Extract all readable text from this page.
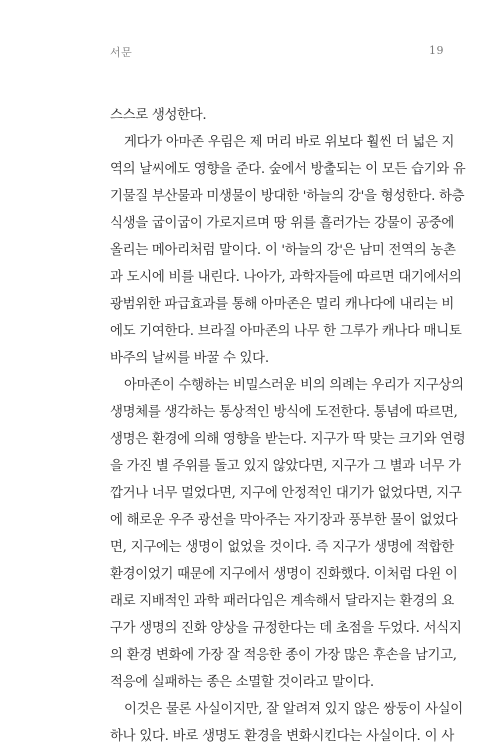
서문	19
스스로 생성한다.
게다가 아마존 우림은 제 머리 바로 위보다 훨씬 더 넓은 지
역의 날씨에도 영향을 준다. 숲에서 방출되는 이 모든 습기와 유
기물질 부산물과 미생물이 방대한 '하늘의 강'을 형성한다. 하층
식생을 굽이굽이 가로지르며 땅 위를 흘러가는 강물이 공중에
올리는 메아리처럼 말이다. 이 '하늘의 강'은 남미 전역의 농촌
과 도시에 비를 내린다. 나아가, 과학자들에 따르면 대기에서의
광범위한 파급효과를 통해 아마존은 멀리 캐나다에 내리는 비
에도 기여한다. 브라질 아마존의 나무 한 그루가 캐나다 매니토
바주의 날씨를 바꿀 수 있다.
아마존이 수행하는 비밀스러운 비의 의례는 우리가 지구상의
생명체를 생각하는 통상적인 방식에 도전한다. 통념에 따르면,
생명은 환경에 의해 영향을 받는다. 지구가 딱 맞는 크기와 연령
을 가진 별 주위를 돌고 있지 않았다면, 지구가 그 별과 너무 가
깝거나 너무 멀었다면, 지구에 안정적인 대기가 없었다면, 지구
에 해로운 우주 광선을 막아주는 자기장과 풍부한 물이 없었다
면, 지구에는 생명이 없었을 것이다. 즉 지구가 생명에 적합한
환경이었기 때문에 지구에서 생명이 진화했다. 이처럼 다윈 이
래로 지배적인 과학 패러다임은 계속해서 달라지는 환경의 요
구가 생명의 진화 양상을 규정한다는 데 초점을 두었다. 서식지
의 환경 변화에 가장 잘 적응한 종이 가장 많은 후손을 남기고,
적응에 실패하는 종은 소멸할 것이라고 말이다.
이것은 물론 사실이지만, 잘 알려져 있지 않은 쌍둥이 사실이
하나 있다. 바로 생명도 환경을 변화시킨다는 사실이다. 이 사
